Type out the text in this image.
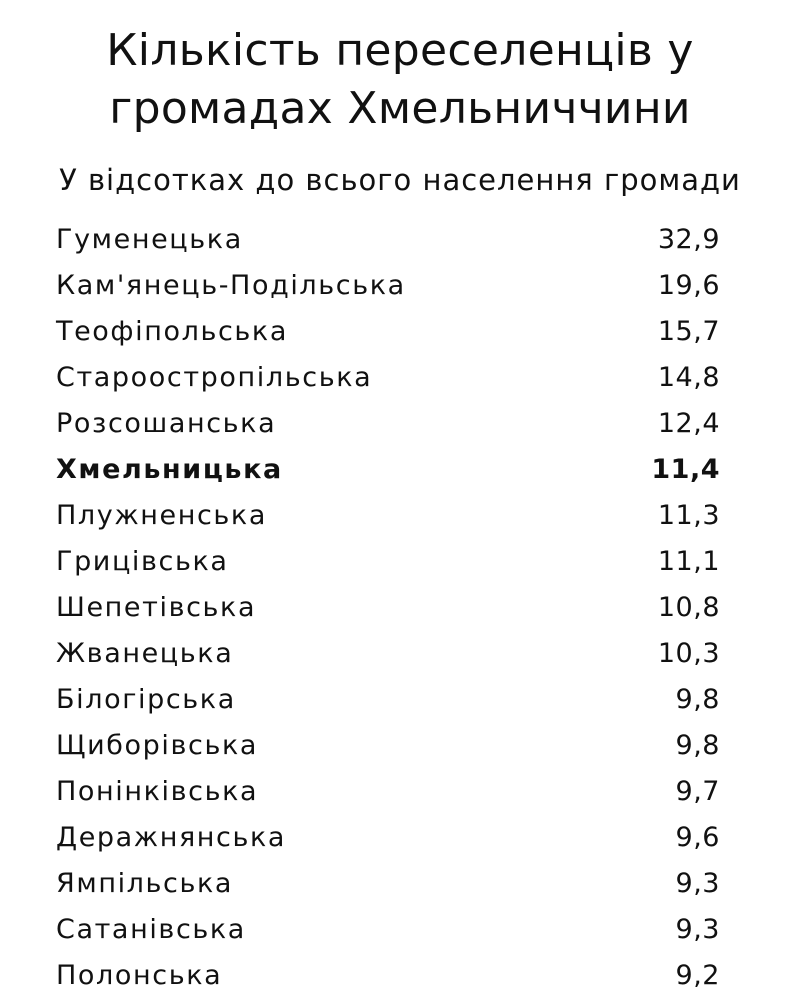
Кількість переселенців у
громадах Хмельниччини
У відсотках до всього населення громади
Гуменецька	32,9
Кам'янець-Подільська	19,6
Теофіпольська	15,7
Старооcтропільська	14,8
Розсошанська	12,4
Хмельницька	11,4
Плужненська	11,3
Грицівська	11,1
Шепетівська	10,8
Жванецька	10,3
Білогірська	9,8
Щиборівська	9,8
Понінківська	9,7
Деражнянська	9,6
Ямпільська	9,3
Сатанівська	9,3
Полонська	9,2
